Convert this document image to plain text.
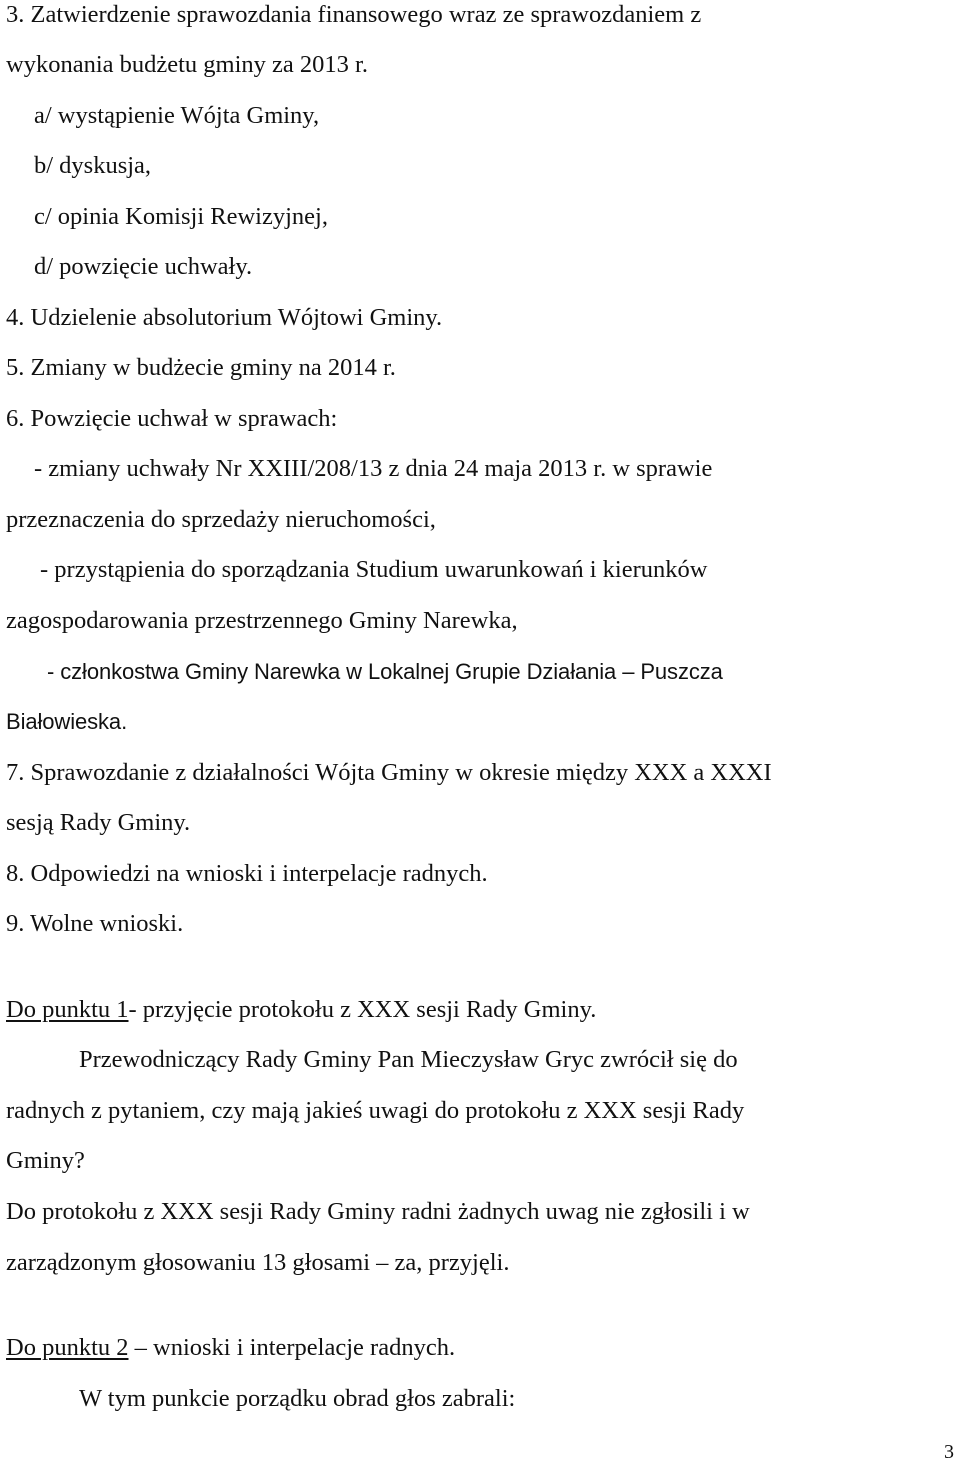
3. Zatwierdzenie sprawozdania finansowego wraz ze sprawozdaniem z
wykonania budżetu gminy za 2013 r.
a/ wystąpienie Wójta Gminy,
b/ dyskusja,
c/ opinia Komisji Rewizyjnej,
d/ powzięcie uchwały.
4. Udzielenie absolutorium Wójtowi Gminy.
5. Zmiany w budżecie gminy na 2014 r.
6. Powzięcie uchwał w sprawach:
- zmiany uchwały Nr XXIII/208/13 z dnia 24 maja 2013 r. w sprawie
przeznaczenia do sprzedaży nieruchomości,
- przystąpienia do sporządzania Studium uwarunkowań i kierunków
zagospodarowania przestrzennego Gminy Narewka,
- członkostwa Gminy Narewka w Lokalnej Grupie Działania – Puszcza
Białowieska.
7. Sprawozdanie z działalności Wójta Gminy w okresie między XXX a XXXI
sesją Rady Gminy.
8. Odpowiedzi na wnioski i interpelacje radnych.
9. Wolne wnioski.
Do punktu 1- przyjęcie protokołu z XXX sesji Rady Gminy.
Przewodniczący Rady Gminy Pan Mieczysław Gryc zwrócił się do
radnych z pytaniem, czy mają jakieś uwagi do protokołu z XXX sesji Rady
Gminy?
Do protokołu z XXX sesji Rady Gminy radni żadnych uwag nie zgłosili i w
zarządzonym głosowaniu 13 głosami – za, przyjęli.
Do punktu 2 – wnioski i interpelacje radnych.
W tym punkcie porządku obrad głos zabrali:
3
